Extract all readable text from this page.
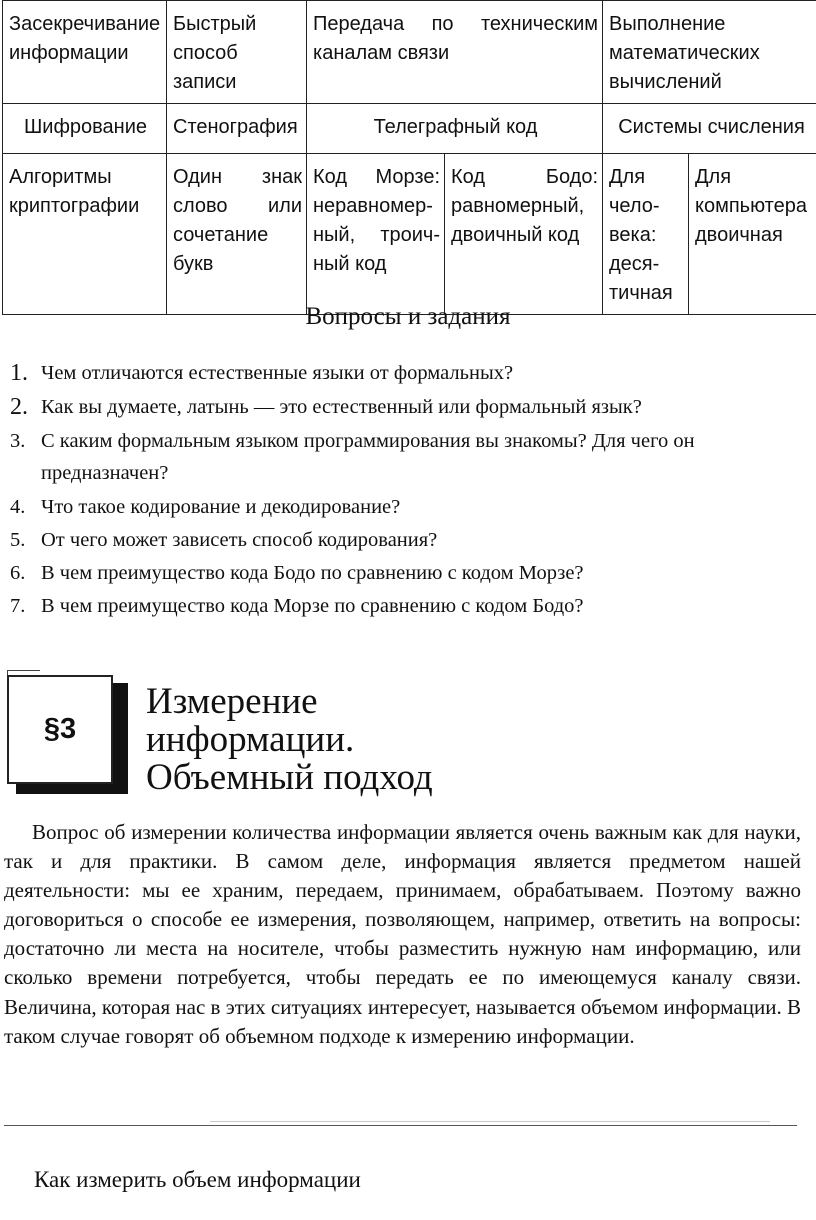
Засекречивание информации	Быстрый способ записи	Передача по техническим каналам связи		Выполнение математических вычислений	
Шифрование	Стенография	Телеграфный код		Системы счисления	
Алгоритмы криптографии	Один знак слово или сочетание букв	Код Морзе: неравномер-ный, троич-ный код	Код Бодо: равномерный, двоичный код	Для чело-века: деся-тичная	Для компьютера двоичная
Вопросы и задания
1. Чем отличаются естественные языки от формальных?
2. Как вы думаете, латынь — это естественный или формальный язык?
3. С каким формальным языком программирования вы знакомы? Для чего он предназначен?
4. Что такое кодирование и декодирование?
5. От чего может зависеть способ кодирования?
6. В чем преимущество кода Бодо по сравнению с кодом Морзе?
7. В чем преимущество кода Морзе по сравнению с кодом Бодо?
§3
Измерение
информации.
Объемный подход

Вопрос об измерении количества информации является очень важным как для науки, так и для практики. В самом деле, информация является предметом нашей деятельности: мы ее храним, передаем, принимаем, обрабатываем. Поэтому важно договориться о способе ее измерения, позволяющем, например, ответить на вопросы: достаточно ли места на носителе, чтобы разместить нужную нам информацию, или сколько времени потребуется, чтобы передать ее по имеющемуся каналу связи. Величина, которая нас в этих ситуациях интересует, называется объемом информации. В таком случае говорят об объемном подходе к измерению информации.

Как измерить объем информации
